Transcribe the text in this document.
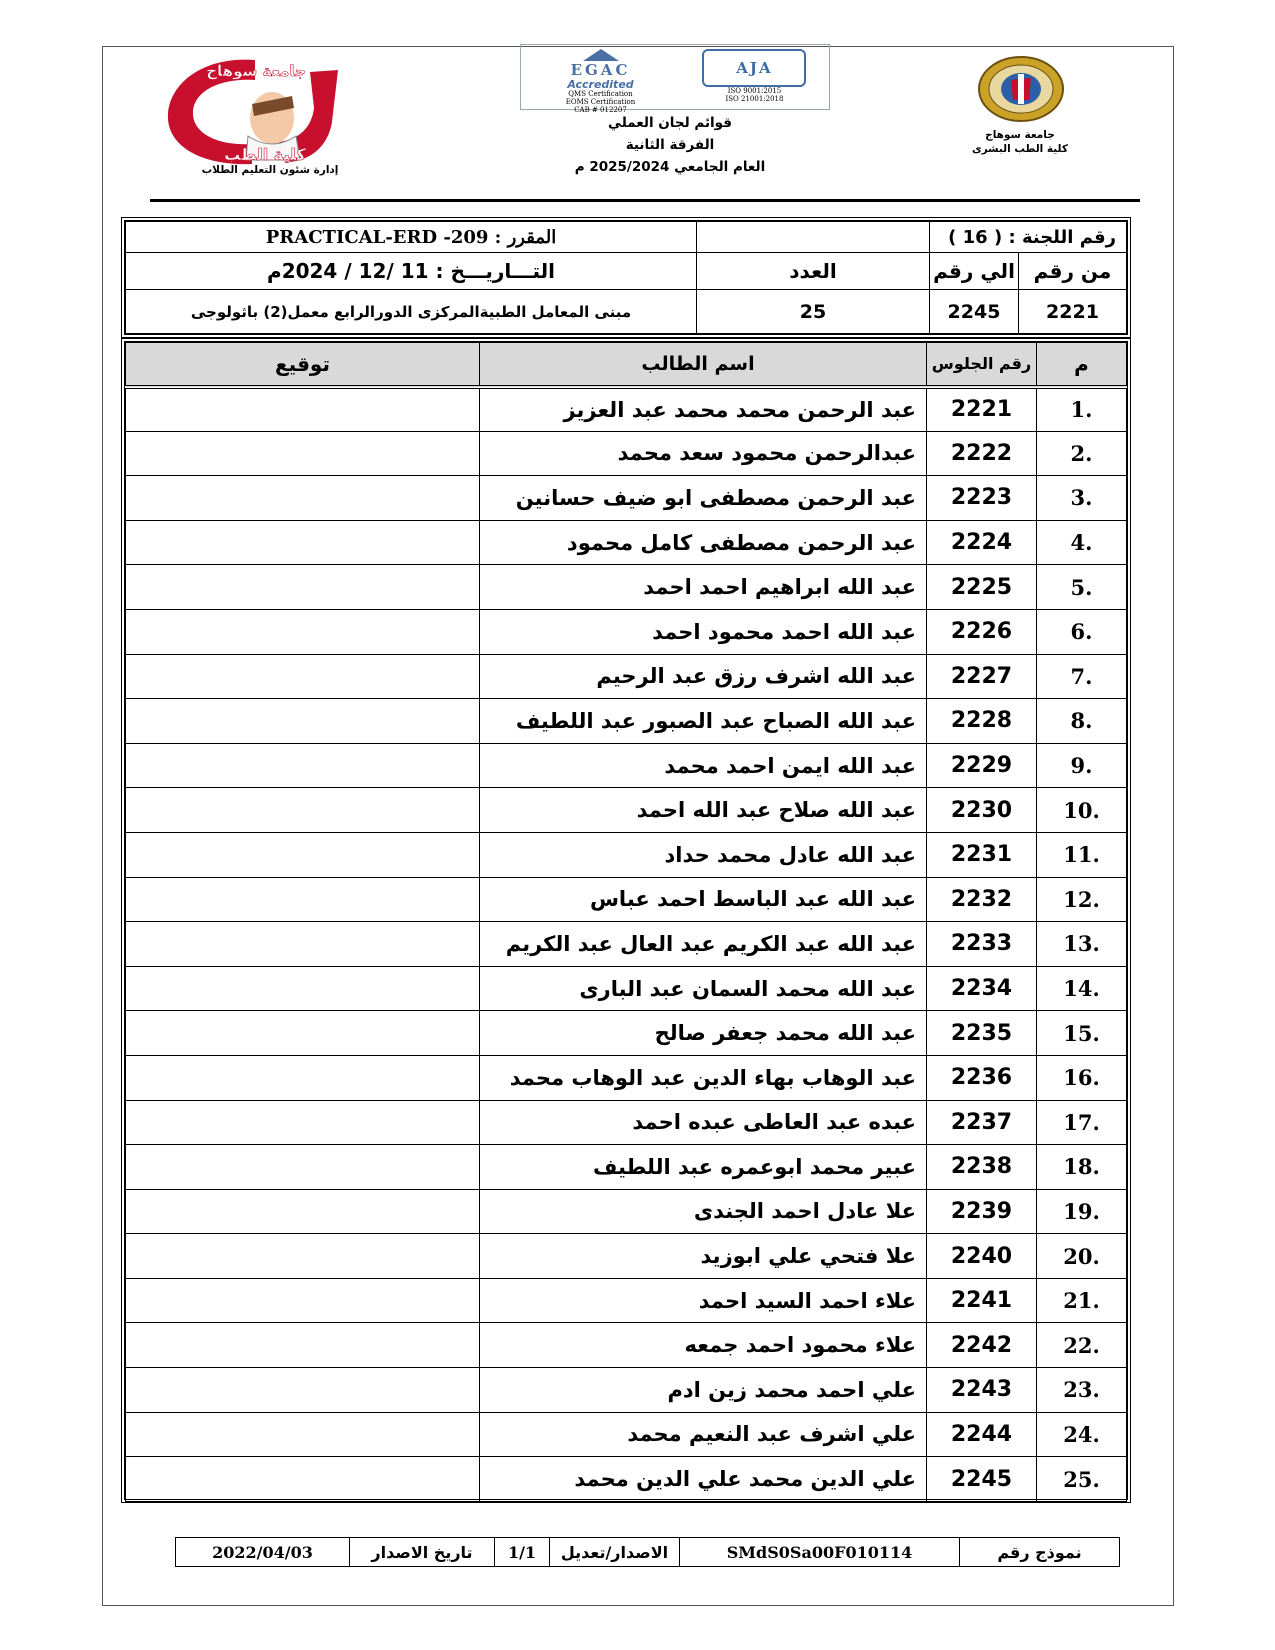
جامعة سوهاج
كلية الطب
إدارة شئون التعليم الطلاب
EGAC
Accredited
QMS Certification
EOMS Certification
CAB # 012207
AJA
ISO 9001:2015
ISO 21001:2018
قوائم لجان العملي
الفرقة الثانية
العام الجامعي 2025/2024 م
جامعة سوهاج
كلية الطب البشرى
رقم اللجنة : ( 16 )			المقرر : 209- PRACTICAL-ERD
من رقم	الي رقم	العدد	التـــاريـــخ : 11 /12 / 2024م
2221	2245	25	مبنى المعامل الطبيةالمركزى الدورالرابع معمل(2) باثولوجى
م	رقم الجلوس	اسم الطالب	توقيع
.1	2221	عبد الرحمن محمد محمد عبد العزيز	
.2	2222	عبدالرحمن محمود سعد محمد	
.3	2223	عبد الرحمن مصطفى ابو ضيف حسانين	
.4	2224	عبد الرحمن مصطفى كامل محمود	
.5	2225	عبد الله ابراهيم احمد احمد	
.6	2226	عبد الله احمد محمود احمد	
.7	2227	عبد الله اشرف رزق عبد الرحيم	
.8	2228	عبد الله الصباح عبد الصبور عبد اللطيف	
.9	2229	عبد الله ايمن احمد محمد	
.10	2230	عبد الله صلاح عبد الله احمد	
.11	2231	عبد الله عادل محمد حداد	
.12	2232	عبد الله عبد الباسط احمد عباس	
.13	2233	عبد الله عبد الكريم عبد العال عبد الكريم	
.14	2234	عبد الله محمد السمان عبد البارى	
.15	2235	عبد الله محمد جعفر صالح	
.16	2236	عبد الوهاب بهاء الدين عبد الوهاب محمد	
.17	2237	عبده عبد العاطى عبده احمد	
.18	2238	عبير محمد ابوعمره عبد اللطيف	
.19	2239	علا عادل احمد الجندى	
.20	2240	علا فتحي علي ابوزيد	
.21	2241	علاء احمد السيد احمد	
.22	2242	علاء محمود احمد جمعه	
.23	2243	علي احمد محمد زين ادم	
.24	2244	علي اشرف عبد النعيم محمد	
.25	2245	علي الدين محمد علي الدين محمد	
نموذج رقم	SMdS0Sa00F010114	الاصدار/تعديل	1/1	تاريخ الاصدار	2022/04/03
